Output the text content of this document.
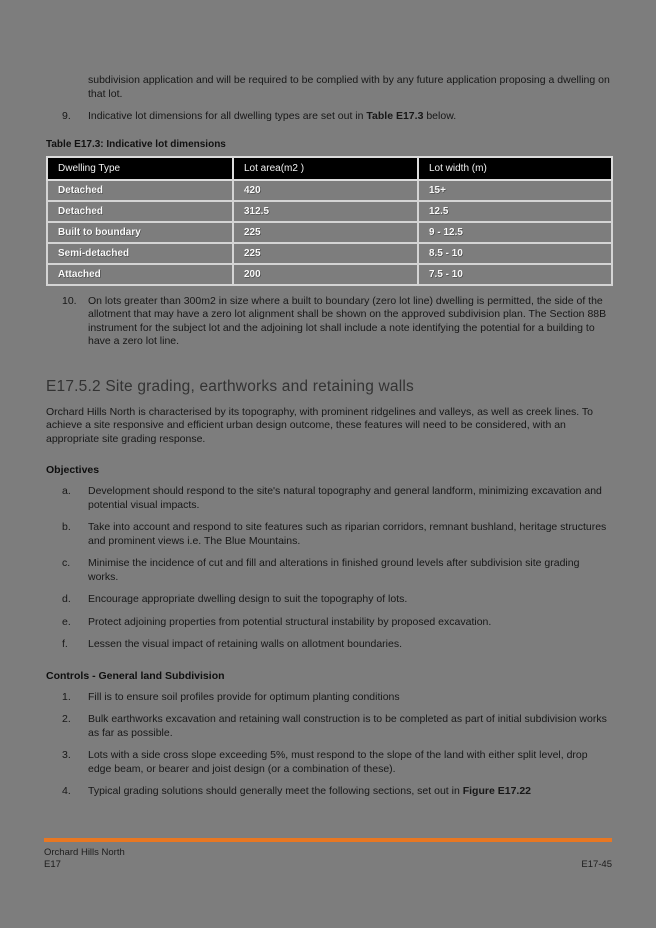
subdivision application and will be required to be complied with by any future application proposing a dwelling on that lot.

9.	Indicative lot dimensions for all dwelling types are set out in Table E17.3 below.
Table E17.3: Indicative lot dimensions
Dwelling Type	Lot area(m2 )	Lot width (m)
Detached	420	15+
Detached	312.5	12.5
Built to boundary	225	9 - 12.5
Semi-detached	225	8.5 - 10
Attached	200	7.5 - 10
10.	On lots greater than 300m2 in size where a built to boundary (zero lot line) dwelling is permitted, the side of the allotment that may have a zero lot alignment shall be shown on the approved subdivision plan. The Section 88B instrument for the subject lot and the adjoining lot shall include a note identifying the potential for a building to have a zero lot line.
E17.5.2 Site grading, earthworks and retaining walls

Orchard Hills North is characterised by its topography, with prominent ridgelines and valleys, as well as creek lines. To achieve a site responsive and efficient urban design outcome, these features will need to be considered, with an appropriate site grading response.

Objectives
a.	Development should respond to the site's natural topography and general landform, minimizing excavation and potential visual impacts.
b.	Take into account and respond to site features such as riparian corridors, remnant bushland, heritage structures and prominent views i.e. The Blue Mountains.
c.	Minimise the incidence of cut and fill and alterations in finished ground levels after subdivision site grading works.
d.	Encourage appropriate dwelling design to suit the topography of lots.
e.	Protect adjoining properties from potential structural instability by proposed excavation.
f.	Lessen the visual impact of retaining walls on allotment boundaries.
Controls - General land Subdivision
1.	Fill is to ensure soil profiles provide for optimum planting conditions
2.	Bulk earthworks excavation and retaining wall construction is to be completed as part of initial subdivision works as far as possible.
3.	Lots with a side cross slope exceeding 5%, must respond to the slope of the land with either split level, drop edge beam, or bearer and joist design (or a combination of these).
4.	Typical grading solutions should generally meet the following sections, set out in Figure E17.22
Orchard Hills North
E17	E17-45
